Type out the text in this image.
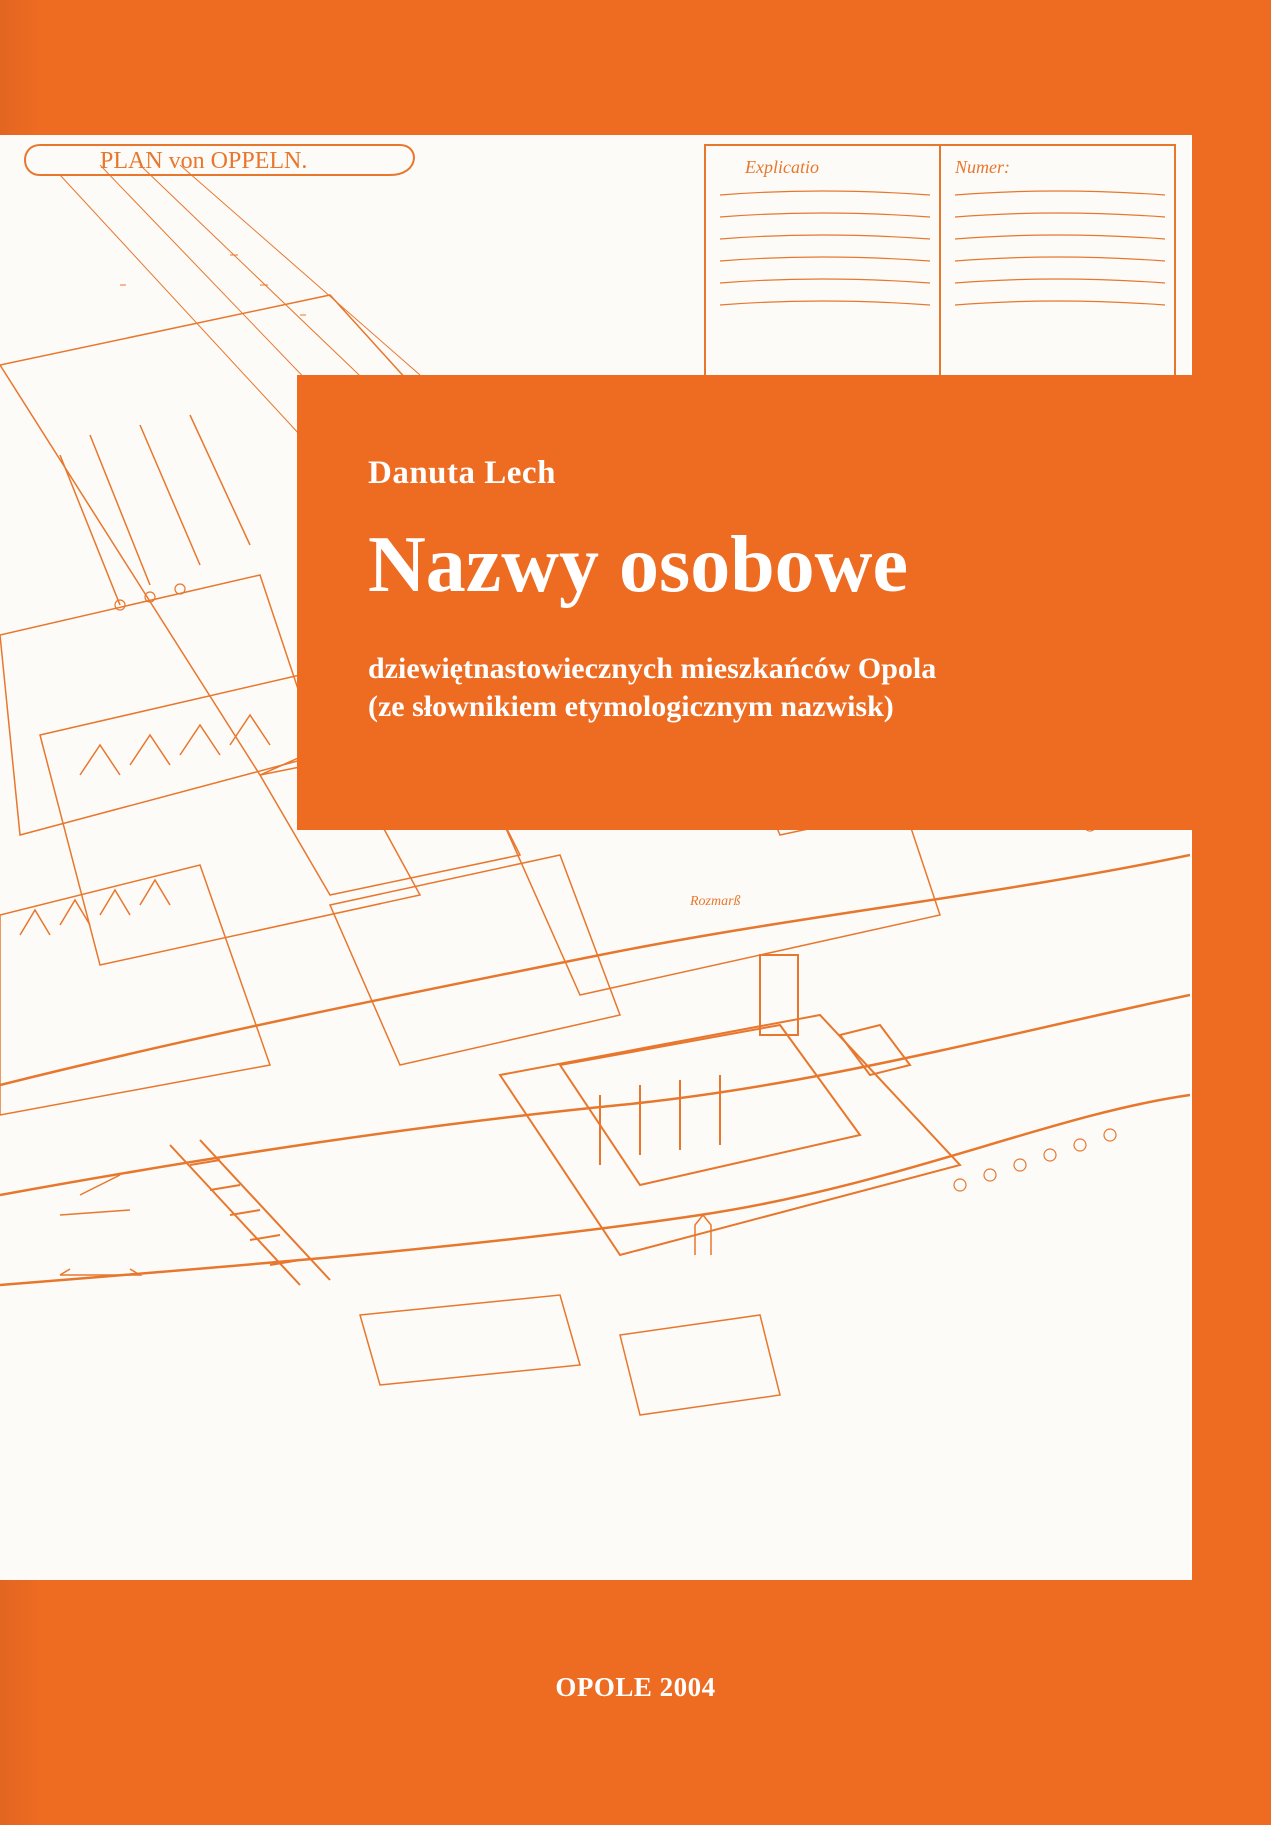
PLAN von OPPELN.	Explicatio	Numer:
Rozmarß
Danuta Lech
Nazwy osobowe
dziewiętnastowiecznych mieszkańców Opola
(ze słownikiem etymologicznym nazwisk)
OPOLE 2004
